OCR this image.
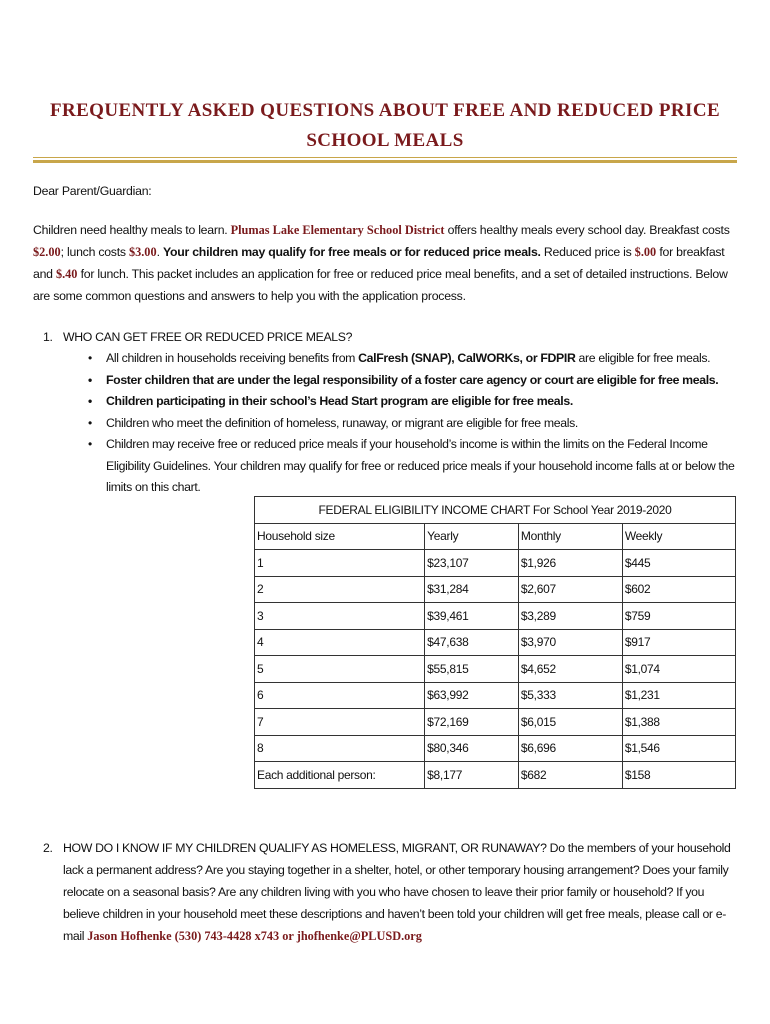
FREQUENTLY ASKED QUESTIONS ABOUT FREE AND REDUCED PRICE SCHOOL MEALS
Dear Parent/Guardian:
Children need healthy meals to learn. Plumas Lake Elementary School District offers healthy meals every school day. Breakfast costs $2.00; lunch costs $3.00. Your children may qualify for free meals or for reduced price meals. Reduced price is $.00 for breakfast and $.40 for lunch. This packet includes an application for free or reduced price meal benefits, and a set of detailed instructions. Below are some common questions and answers to help you with the application process.
1. WHO CAN GET FREE OR REDUCED PRICE MEALS?
• All children in households receiving benefits from CalFresh (SNAP), CalWORKs, or FDPIR are eligible for free meals.
• Foster children that are under the legal responsibility of a foster care agency or court are eligible for free meals.
• Children participating in their school’s Head Start program are eligible for free meals.
• Children who meet the definition of homeless, runaway, or migrant are eligible for free meals.
• Children may receive free or reduced price meals if your household’s income is within the limits on the Federal Income Eligibility Guidelines. Your children may qualify for free or reduced price meals if your household income falls at or below the limits on this chart.
FEDERAL ELIGIBILITY INCOME CHART For School Year 2019-2020			
Household size	Yearly	Monthly	Weekly
1	$23,107	$1,926	$445
2	$31,284	$2,607	$602
3	$39,461	$3,289	$759
4	$47,638	$3,970	$917
5	$55,815	$4,652	$1,074
6	$63,992	$5,333	$1,231
7	$72,169	$6,015	$1,388
8	$80,346	$6,696	$1,546
Each additional person:	$8,177	$682	$158
2. HOW DO I KNOW IF MY CHILDREN QUALIFY AS HOMELESS, MIGRANT, OR RUNAWAY? Do the members of your household lack a permanent address? Are you staying together in a shelter, hotel, or other temporary housing arrangement? Does your family relocate on a seasonal basis? Are any children living with you who have chosen to leave their prior family or household? If you believe children in your household meet these descriptions and haven’t been told your children will get free meals, please call or e-mail Jason Hofhenke (530) 743-4428 x743 or jhofhenke@PLUSD.org
